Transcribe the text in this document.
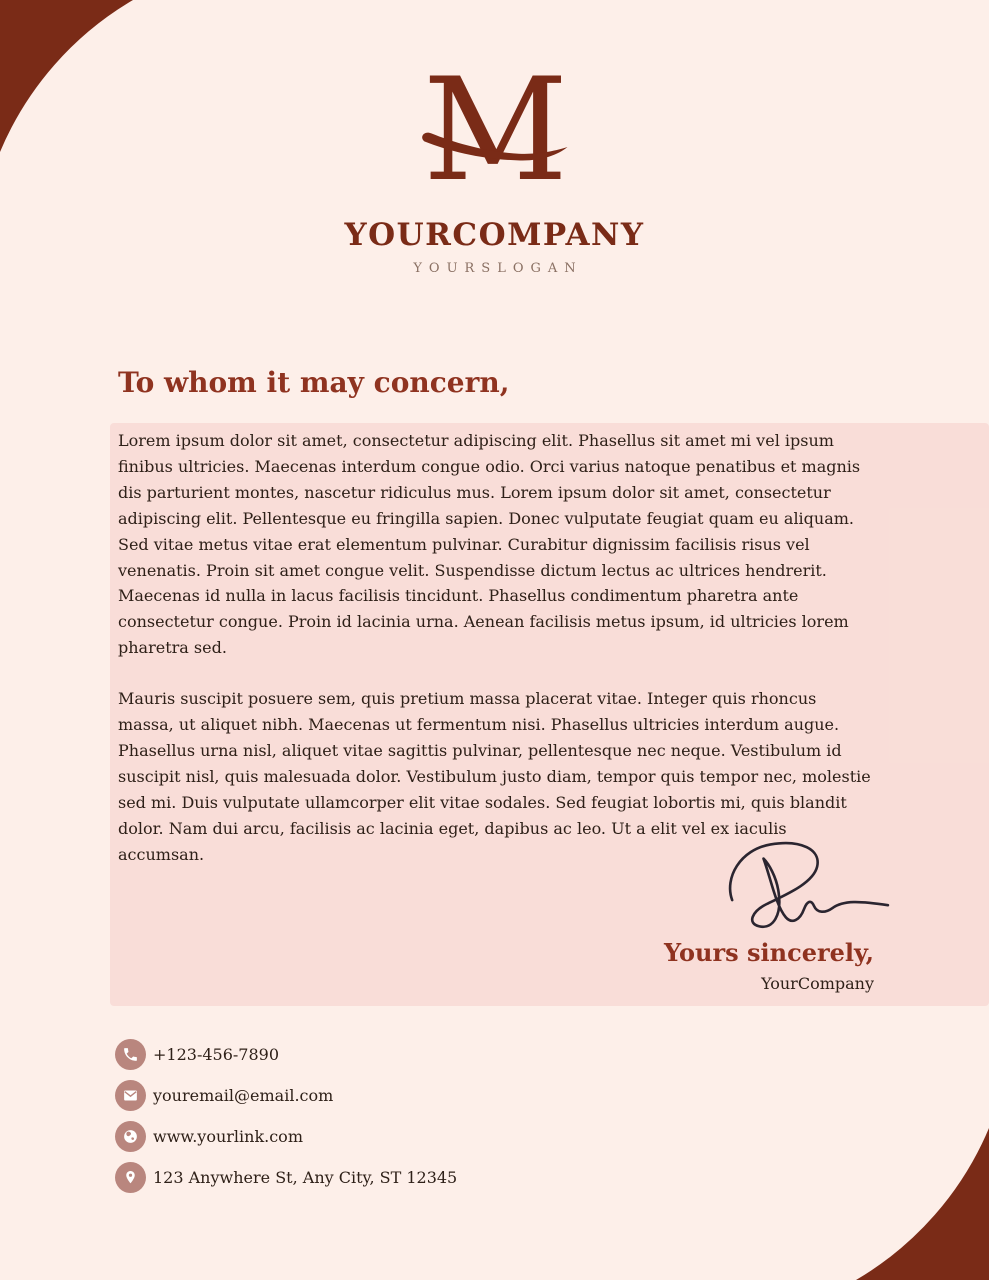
M
YOURCOMPANY
YOURSLOGAN
To whom it may concern,

Lorem ipsum dolor sit amet, consectetur adipiscing elit. Phasellus sit amet mi vel ipsum finibus ultricies. Maecenas interdum congue odio. Orci varius natoque penatibus et magnis dis parturient montes, nascetur ridiculus mus. Lorem ipsum dolor sit amet, consectetur adipiscing elit. Pellentesque eu fringilla sapien. Donec vulputate feugiat quam eu aliquam. Sed vitae metus vitae erat elementum pulvinar. Curabitur dignissim facilisis risus vel venenatis. Proin sit amet congue velit. Suspendisse dictum lectus ac ultrices hendrerit. Maecenas id nulla in lacus facilisis tincidunt. Phasellus condimentum pharetra ante consectetur congue. Proin id lacinia urna. Aenean facilisis metus ipsum, id ultricies lorem pharetra sed.

Mauris suscipit posuere sem, quis pretium massa placerat vitae. Integer quis rhoncus massa, ut aliquet nibh. Maecenas ut fermentum nisi. Phasellus ultricies interdum augue. Phasellus urna nisl, aliquet vitae sagittis pulvinar, pellentesque nec neque. Vestibulum id suscipit nisl, quis malesuada dolor. Vestibulum justo diam, tempor quis tempor nec, molestie sed mi. Duis vulputate ullamcorper elit vitae sodales. Sed feugiat lobortis mi, quis blandit dolor. Nam dui arcu, facilisis ac lacinia eget, dapibus ac leo. Ut a elit vel ex iaculis accumsan.

Yours sincerely,

YourCompany
+123-456-7890
youremail@email.com
www.yourlink.com
123 Anywhere St, Any City, ST 12345
